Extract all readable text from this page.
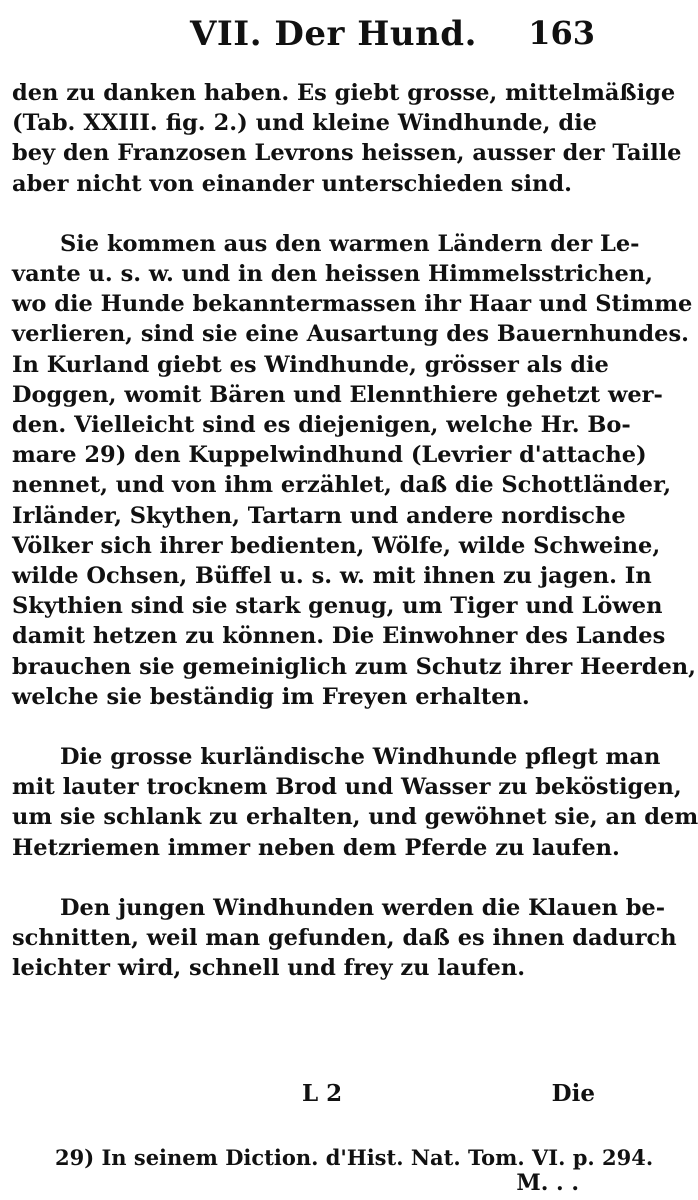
VII. Der Hund. 163
den zu danken haben. Es giebt grosse, mittelmäßige
(Tab. XXIII. fig. 2.) und kleine Windhunde, die
bey den Franzosen Levrons heissen, ausser der Taille
aber nicht von einander unterschieden sind.
Sie kommen aus den warmen Ländern der Le-
vante u. s. w. und in den heissen Himmelsstrichen,
wo die Hunde bekanntermassen ihr Haar und Stimme
verlieren, sind sie eine Ausartung des Bauernhundes.
In Kurland giebt es Windhunde, grösser als die
Doggen, womit Bären und Elennthiere gehetzt wer-
den. Vielleicht sind es diejenigen, welche Hr. Bo-
mare 29) den Kuppelwindhund (Levrier d'attache)
nennet, und von ihm erzählet, daß die Schottländer,
Irländer, Skythen, Tartarn und andere nordische
Völker sich ihrer bedienten, Wölfe, wilde Schweine,
wilde Ochsen, Büffel u. s. w. mit ihnen zu jagen. In
Skythien sind sie stark genug, um Tiger und Löwen
damit hetzen zu können. Die Einwohner des Landes
brauchen sie gemeiniglich zum Schutz ihrer Heerden,
welche sie beständig im Freyen erhalten.
Die grosse kurländische Windhunde pflegt man
mit lauter trocknem Brod und Wasser zu beköstigen,
um sie schlank zu erhalten, und gewöhnet sie, an dem
Hetzriemen immer neben dem Pferde zu laufen.
Den jungen Windhunden werden die Klauen be-
schnitten, weil man gefunden, daß es ihnen dadurch
leichter wird, schnell und frey zu laufen.
L 2	Die
29) In seinem Diction. d'Hist. Nat. Tom. VI. p. 294.
M. . .
